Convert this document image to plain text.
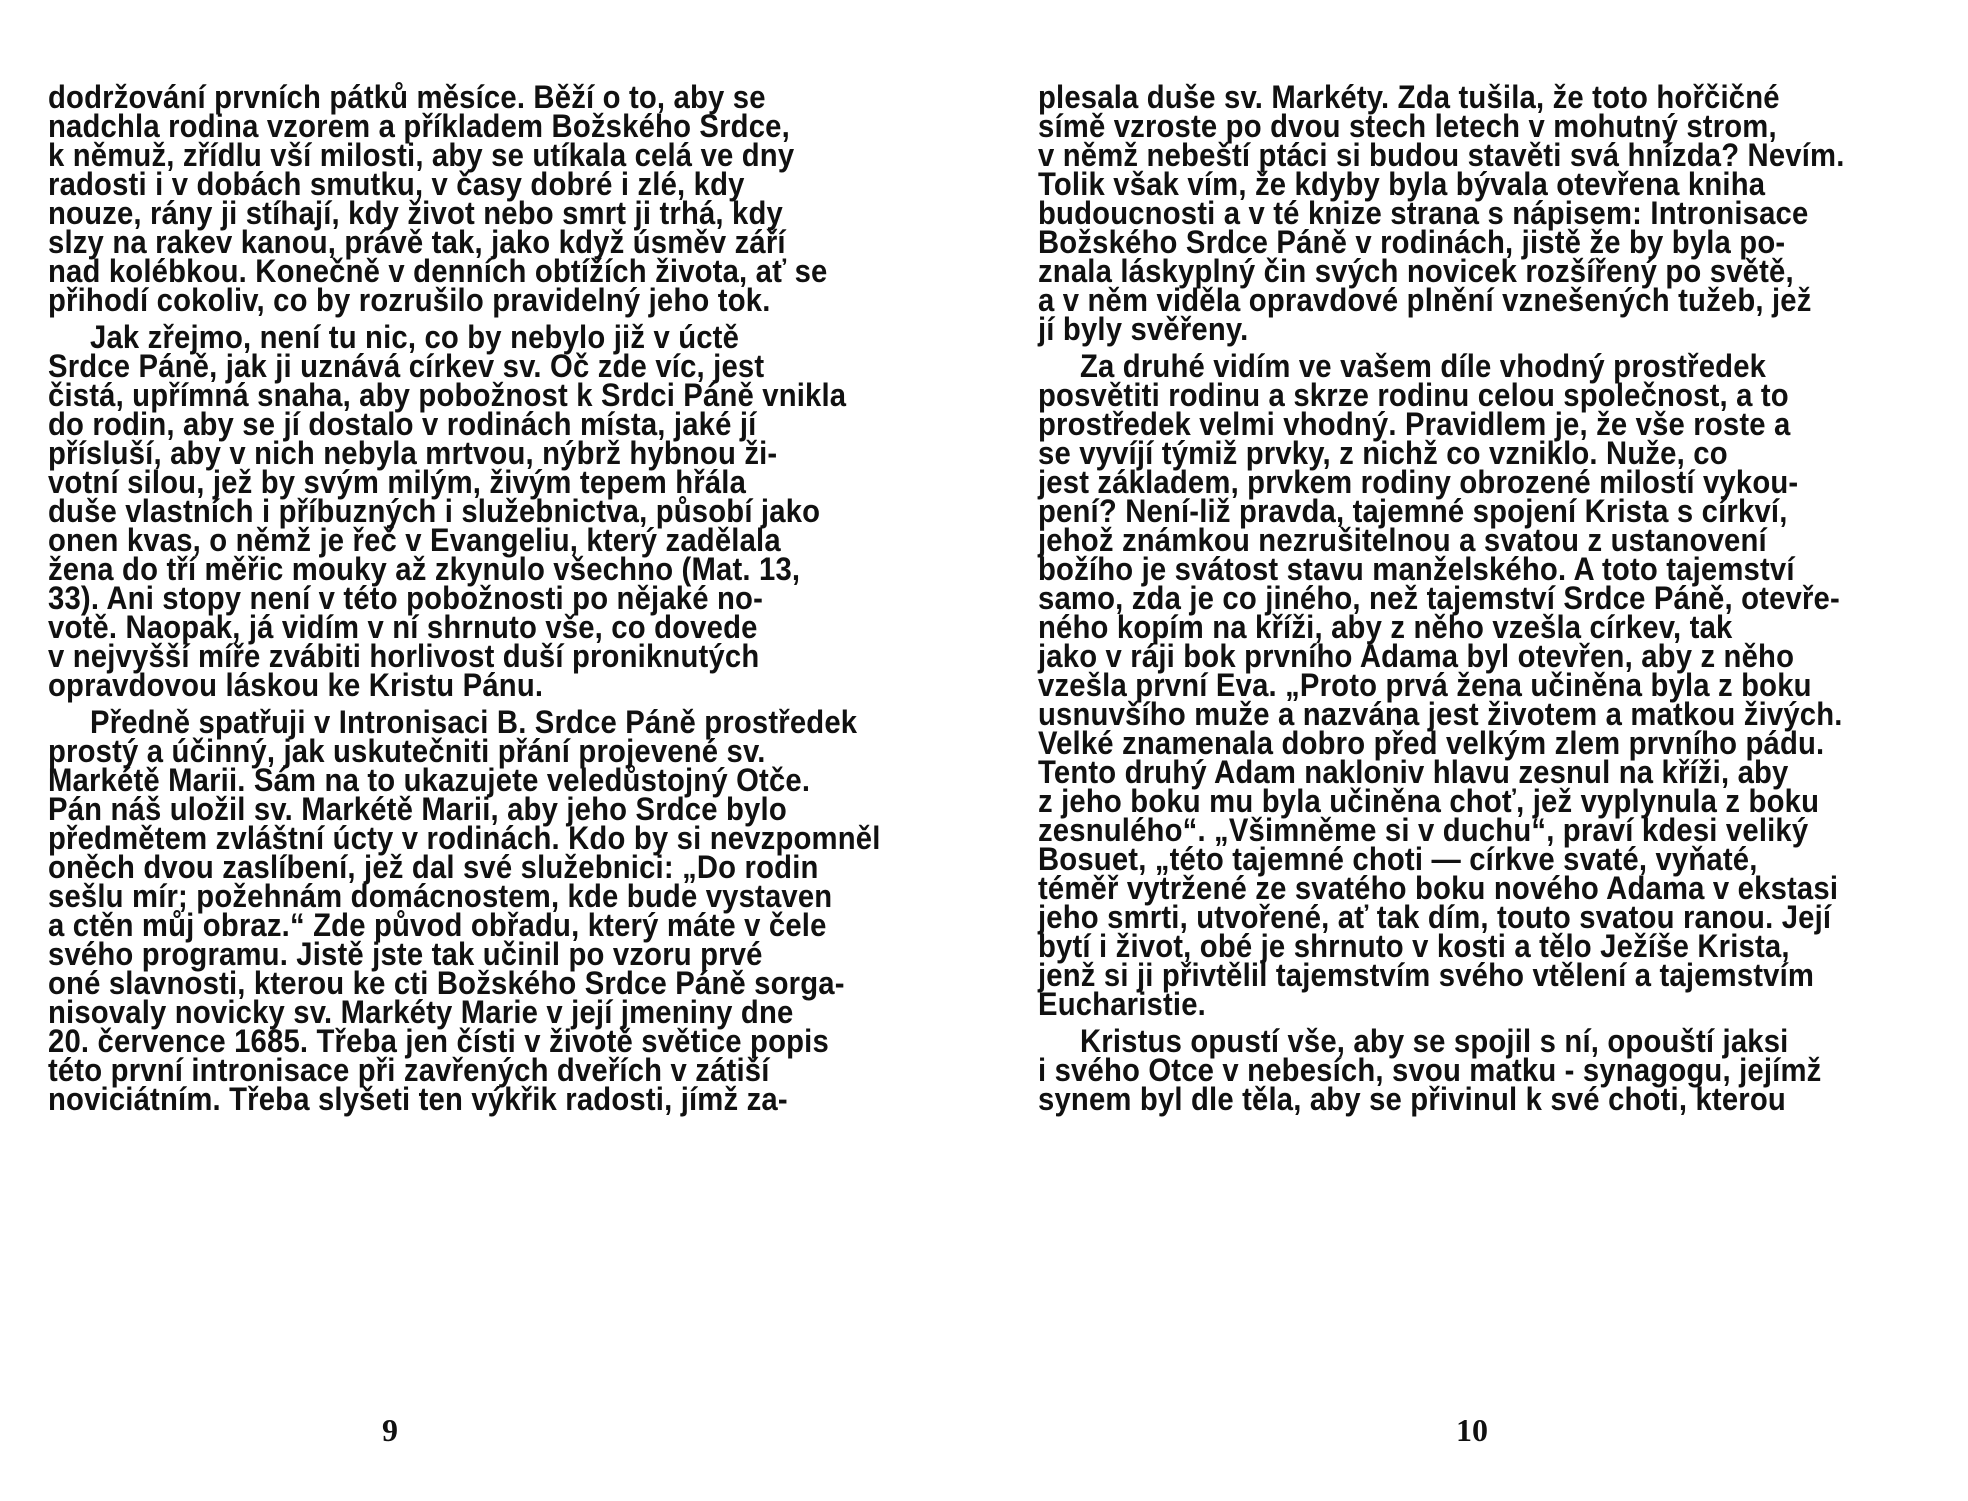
dodržování prvních pátků měsíce. Běží o to, aby se
nadchla rodina vzorem a příkladem Božského Srdce,
k němuž, zřídlu vší milosti, aby se utíkala celá ve dny
radosti i v dobách smutku, v časy dobré i zlé, kdy
nouze, rány ji stíhají, kdy život nebo smrt ji trhá, kdy
slzy na rakev kanou, právě tak, jako když úsměv září
nad kolébkou. Konečně v denních obtížích života, ať se
přihodí cokoliv, co by rozrušilo pravidelný jeho tok.
Jak zřejmo, není tu nic, co by nebylo již v úctě
Srdce Páně, jak ji uznává církev sv. Oč zde víc, jest
čistá, upřímná snaha, aby pobožnost k Srdci Páně vnikla
do rodin, aby se jí dostalo v rodinách místa, jaké jí
přísluší, aby v nich nebyla mrtvou, nýbrž hybnou ži-
votní silou, jež by svým milým, živým tepem hřála
duše vlastních i příbuzných i služebnictva, působí jako
onen kvas, o němž je řeč v Evangeliu, který zadělala
žena do tří měřic mouky až zkynulo všechno (Mat. 13,
33). Ani stopy není v této pobožnosti po nějaké no-
votě. Naopak, já vidím v ní shrnuto vše, co dovede
v nejvyšší míře zvábiti horlivost duší proniknutých
opravdovou láskou ke Kristu Pánu.
Předně spatřuji v Intronisaci B. Srdce Páně prostředek
prostý a účinný, jak uskutečniti přání projevené sv.
Markétě Marii. Sám na to ukazujete veledůstojný Otče.
Pán náš uložil sv. Markétě Marii, aby jeho Srdce bylo
předmětem zvláštní úcty v rodinách. Kdo by si nevzpomněl
oněch dvou zaslíbení, jež dal své služebnici: „Do rodin
sešlu mír; požehnám domácnostem, kde bude vystaven
a ctěn můj obraz.“ Zde původ obřadu, který máte v čele
svého programu. Jistě jste tak učinil po vzoru prvé
oné slavnosti, kterou ke cti Božského Srdce Páně sorga-
nisovaly novicky sv. Markéty Marie v její jmeniny dne
20. července 1685. Třeba jen čísti v životě světice popis
této první intronisace při zavřených dveřích v zátiší
noviciátním. Třeba slyšeti ten výkřik radosti, jímž za-
9
plesala duše sv. Markéty. Zda tušila, že toto hořčičné
símě vzroste po dvou stech letech v mohutný strom,
v němž nebeští ptáci si budou stavěti svá hnízda? Nevím.
Tolik však vím, že kdyby byla bývala otevřena kniha
budoucnosti a v té knize strana s nápisem: Intronisace
Božského Srdce Páně v rodinách, jistě že by byla po-
znala láskyplný čin svých novicek rozšířený po světě,
a v něm viděla opravdové plnění vznešených tužeb, jež
jí byly svěřeny.
Za druhé vidím ve vašem díle vhodný prostředek
posvětiti rodinu a skrze rodinu celou společnost, a to
prostředek velmi vhodný. Pravidlem je, že vše roste a
se vyvíjí týmiž prvky, z nichž co vzniklo. Nuže, co
jest základem, prvkem rodiny obrozené milostí vykou-
pení? Není-liž pravda, tajemné spojení Krista s církví,
jehož známkou nezrušitelnou a svatou z ustanovení
božího je svátost stavu manželského. A toto tajemství
samo, zda je co jiného, než tajemství Srdce Páně, otevře-
ného kopím na kříži, aby z něho vzešla církev, tak
jako v ráji bok prvního Adama byl otevřen, aby z něho
vzešla první Eva. „Proto prvá žena učiněna byla z boku
usnuvšího muže a nazvána jest životem a matkou živých.
Velké znamenala dobro před velkým zlem prvního pádu.
Tento druhý Adam nakloniv hlavu zesnul na kříži, aby
z jeho boku mu byla učiněna choť, jež vyplynula z boku
zesnulého“. „Všimněme si v duchu“, praví kdesi veliký
Bosuet, „této tajemné choti — církve svaté, vyňaté,
téměř vytržené ze svatého boku nového Adama v ekstasi
jeho smrti, utvořené, ať tak dím, touto svatou ranou. Její
bytí i život, obé je shrnuto v kosti a tělo Ježíše Krista,
jenž si ji přivtělil tajemstvím svého vtělení a tajemstvím
Eucharistie.
Kristus opustí vše, aby se spojil s ní, opouští jaksi
i svého Otce v nebesích, svou matku - synagogu, jejímž
synem byl dle těla, aby se přivinul k své choti, kterou
10
